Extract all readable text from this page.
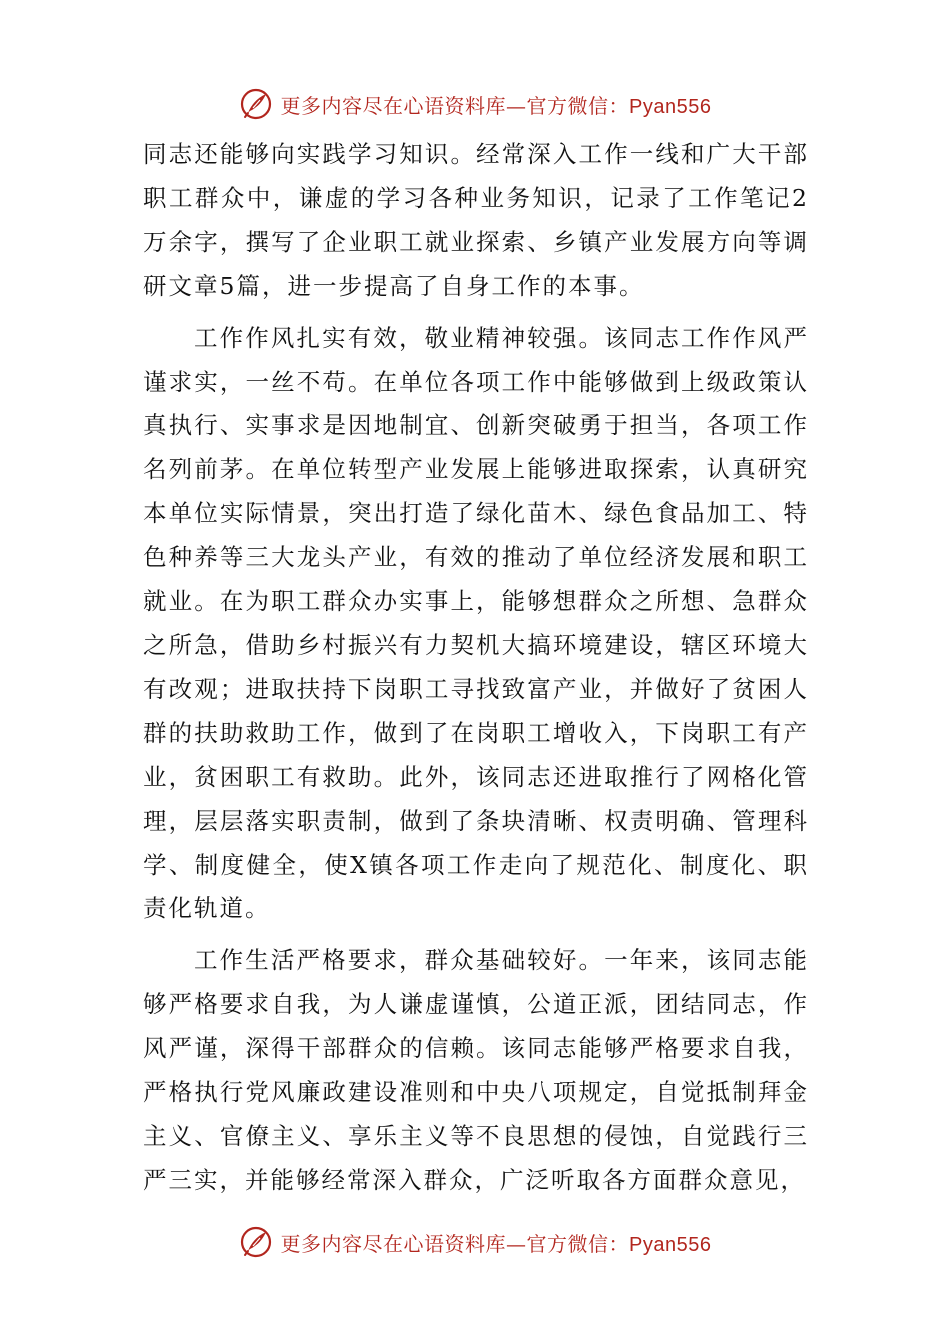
更多内容尽在心语资料库—官方微信：Pyan556

同志还能够向实践学习知识。经常深入工作一线和广大干部职工群众中，谦虚的学习各种业务知识，记录了工作笔记2万余字，撰写了企业职工就业探索、乡镇产业发展方向等调研文章5篇，进一步提高了自身工作的本事。

工作作风扎实有效，敬业精神较强。该同志工作作风严谨求实，一丝不苟。在单位各项工作中能够做到上级政策认真执行、实事求是因地制宜、创新突破勇于担当，各项工作名列前茅。在单位转型产业发展上能够进取探索，认真研究本单位实际情景，突出打造了绿化苗木、绿色食品加工、特色种养等三大龙头产业，有效的推动了单位经济发展和职工就业。在为职工群众办实事上，能够想群众之所想、急群众之所急，借助乡村振兴有力契机大搞环境建设，辖区环境大有改观；进取扶持下岗职工寻找致富产业，并做好了贫困人群的扶助救助工作，做到了在岗职工增收入，下岗职工有产业，贫困职工有救助。此外，该同志还进取推行了网格化管理，层层落实职责制，做到了条块清晰、权责明确、管理科学、制度健全，使X镇各项工作走向了规范化、制度化、职责化轨道。

工作生活严格要求，群众基础较好。一年来，该同志能够严格要求自我，为人谦虚谨慎，公道正派，团结同志，作风严谨，深得干部群众的信赖。该同志能够严格要求自我，严格执行党风廉政建设准则和中央八项规定，自觉抵制拜金主义、官僚主义、享乐主义等不良思想的侵蚀，自觉践行三严三实，并能够经常深入群众，广泛听取各方面群众意见，

更多内容尽在心语资料库—官方微信：Pyan556
